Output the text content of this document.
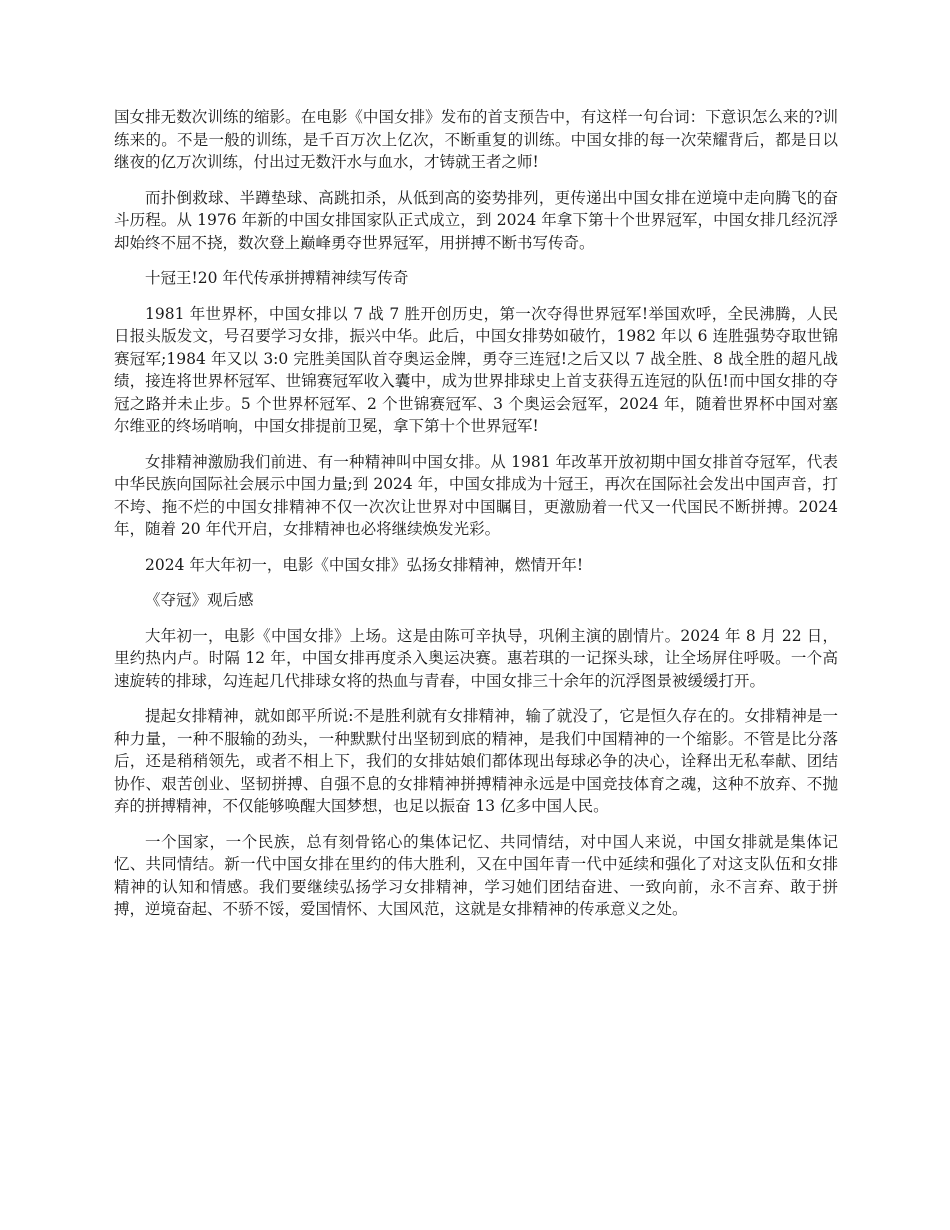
国女排无数次训练的缩影。在电影《中国女排》发布的首支预告中，有这样一句台词：下意识怎么来的?训练来的。不是一般的训练，是千百万次上亿次，不断重复的训练。中国女排的每一次荣耀背后，都是日以继夜的亿万次训练，付出过无数汗水与血水，才铸就王者之师!

而扑倒救球、半蹲垫球、高跳扣杀，从低到高的姿势排列，更传递出中国女排在逆境中走向腾飞的奋斗历程。从 1976 年新的中国女排国家队正式成立，到 2024 年拿下第十个世界冠军，中国女排几经沉浮却始终不屈不挠，数次登上巅峰勇夺世界冠军，用拼搏不断书写传奇。

十冠王!20 年代传承拼搏精神续写传奇

1981 年世界杯，中国女排以 7 战 7 胜开创历史，第一次夺得世界冠军!举国欢呼，全民沸腾，人民日报头版发文，号召要学习女排，振兴中华。此后，中国女排势如破竹，1982 年以 6 连胜强势夺取世锦赛冠军;1984 年又以 3:0 完胜美国队首夺奥运金牌，勇夺三连冠!之后又以 7 战全胜、8 战全胜的超凡战绩，接连将世界杯冠军、世锦赛冠军收入囊中，成为世界排球史上首支获得五连冠的队伍!而中国女排的夺冠之路并未止步。5 个世界杯冠军、2 个世锦赛冠军、3 个奥运会冠军，2024 年，随着世界杯中国对塞尔维亚的终场哨响，中国女排提前卫冕，拿下第十个世界冠军!

女排精神激励我们前进、有一种精神叫中国女排。从 1981 年改革开放初期中国女排首夺冠军，代表中华民族向国际社会展示中国力量;到 2024 年，中国女排成为十冠王，再次在国际社会发出中国声音，打不垮、拖不烂的中国女排精神不仅一次次让世界对中国瞩目，更激励着一代又一代国民不断拼搏。2024 年，随着 20 年代开启，女排精神也必将继续焕发光彩。

2024 年大年初一，电影《中国女排》弘扬女排精神，燃情开年!

《夺冠》观后感

大年初一，电影《中国女排》上场。这是由陈可辛执导，巩俐主演的剧情片。2024 年 8 月 22 日，里约热内卢。时隔 12 年，中国女排再度杀入奥运决赛。惠若琪的一记探头球，让全场屏住呼吸。一个高速旋转的排球，勾连起几代排球女将的热血与青春，中国女排三十余年的沉浮图景被缓缓打开。

提起女排精神，就如郎平所说:不是胜利就有女排精神，输了就没了，它是恒久存在的。女排精神是一种力量，一种不服输的劲头，一种默默付出坚韧到底的精神，是我们中国精神的一个缩影。不管是比分落后，还是稍稍领先，或者不相上下，我们的女排姑娘们都体现出每球必争的决心，诠释出无私奉献、团结协作、艰苦创业、坚韧拼搏、自强不息的女排精神拼搏精神永远是中国竞技体育之魂，这种不放弃、不抛弃的拼搏精神，不仅能够唤醒大国梦想，也足以振奋 13 亿多中国人民。

一个国家，一个民族，总有刻骨铭心的集体记忆、共同情结，对中国人来说，中国女排就是集体记忆、共同情结。新一代中国女排在里约的伟大胜利，又在中国年青一代中延续和强化了对这支队伍和女排精神的认知和情感。我们要继续弘扬学习女排精神，学习她们团结奋进、一致向前，永不言弃、敢于拼搏，逆境奋起、不骄不馁，爱国情怀、大国风范，这就是女排精神的传承意义之处。
